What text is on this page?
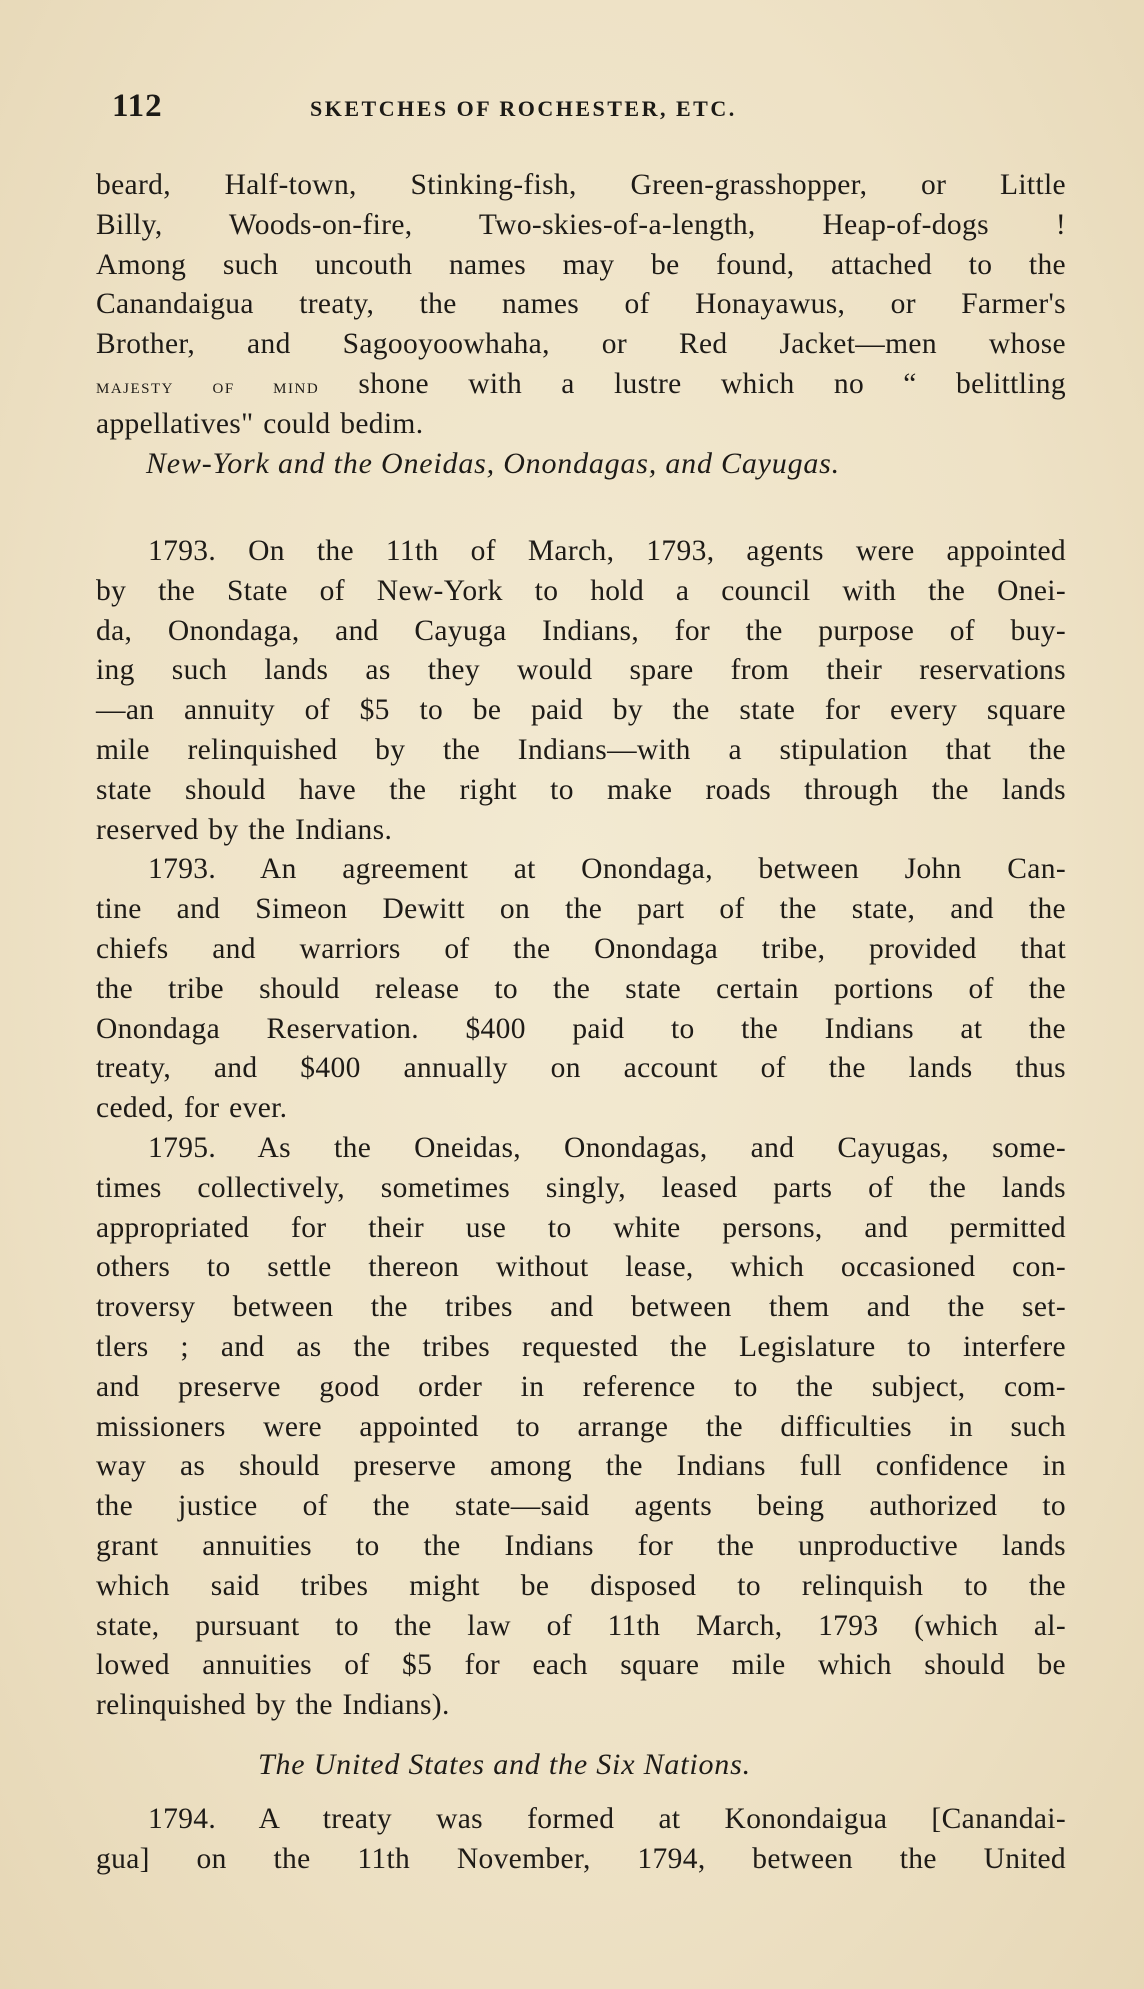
112	SKETCHES OF ROCHESTER, ETC.
beard, Half-town, Stinking-fish, Green-grasshopper, or Little
Billy, Woods-on-fire, Two-skies-of-a-length, Heap-of-dogs !
Among such uncouth names may be found, attached to the
Canandaigua treaty, the names of Honayawus, or Farmer's
Brother, and Sagooyoowhaha, or Red Jacket—men whose
majesty of mind shone with a lustre which no “ belittling
appellatives" could bedim.
New-York and the Oneidas, Onondagas, and Cayugas.
1793. On the 11th of March, 1793, agents were appointed
by the State of New-York to hold a council with the Onei-
da, Onondaga, and Cayuga Indians, for the purpose of buy-
ing such lands as they would spare from their reservations
—an annuity of $5 to be paid by the state for every square
mile relinquished by the Indians—with a stipulation that the
state should have the right to make roads through the lands
reserved by the Indians.
1793. An agreement at Onondaga, between John Can-
tine and Simeon Dewitt on the part of the state, and the
chiefs and warriors of the Onondaga tribe, provided that
the tribe should release to the state certain portions of the
Onondaga Reservation. $400 paid to the Indians at the
treaty, and $400 annually on account of the lands thus
ceded, for ever.
1795. As the Oneidas, Onondagas, and Cayugas, some-
times collectively, sometimes singly, leased parts of the lands
appropriated for their use to white persons, and permitted
others to settle thereon without lease, which occasioned con-
troversy between the tribes and between them and the set-
tlers ; and as the tribes requested the Legislature to interfere
and preserve good order in reference to the subject, com-
missioners were appointed to arrange the difficulties in such
way as should preserve among the Indians full confidence in
the justice of the state—said agents being authorized to
grant annuities to the Indians for the unproductive lands
which said tribes might be disposed to relinquish to the
state, pursuant to the law of 11th March, 1793 (which al-
lowed annuities of $5 for each square mile which should be
relinquished by the Indians).
The United States and the Six Nations.
1794. A treaty was formed at Konondaigua [Canandai-
gua] on the 11th November, 1794, between the United
